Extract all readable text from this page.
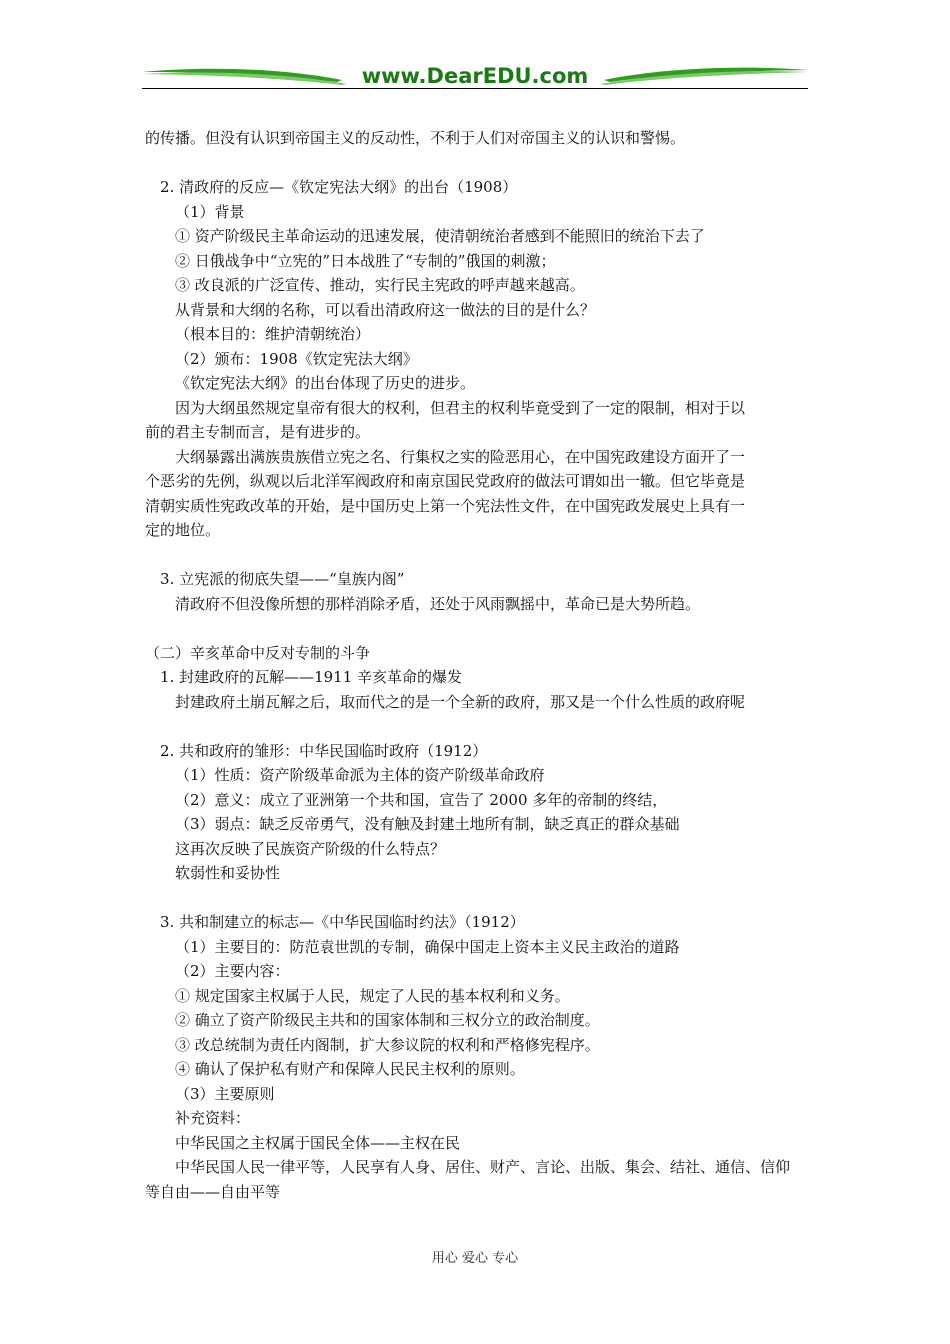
www.DearEDU.com
的传播。但没有认识到帝国主义的反动性，不利于人们对帝国主义的认识和警惕。
2. 清政府的反应—《钦定宪法大纲》的出台（1908）
（1）背景
① 资产阶级民主革命运动的迅速发展，使清朝统治者感到不能照旧的统治下去了
② 日俄战争中“立宪的”日本战胜了“专制的”俄国的刺激；
③ 改良派的广泛宣传、推动，实行民主宪政的呼声越来越高。
从背景和大纲的名称，可以看出清政府这一做法的目的是什么？
（根本目的：维护清朝统治）
（2）颁布：1908《钦定宪法大纲》
《钦定宪法大纲》的出台体现了历史的进步。
因为大纲虽然规定皇帝有很大的权利，但君主的权利毕竟受到了一定的限制，相对于以
前的君主专制而言，是有进步的。
大纲暴露出满族贵族借立宪之名、行集权之实的险恶用心，在中国宪政建设方面开了一
个恶劣的先例，纵观以后北洋军阀政府和南京国民党政府的做法可谓如出一辙。但它毕竟是
清朝实质性宪政改革的开始，是中国历史上第一个宪法性文件，在中国宪政发展史上具有一
定的地位。
3. 立宪派的彻底失望——“皇族内阁”
清政府不但没像所想的那样消除矛盾，还处于风雨飘摇中，革命已是大势所趋。
（二）辛亥革命中反对专制的斗争
1. 封建政府的瓦解——1911 辛亥革命的爆发
封建政府土崩瓦解之后，取而代之的是一个全新的政府，那又是一个什么性质的政府呢
2. 共和政府的雏形：中华民国临时政府（1912）
（1）性质：资产阶级革命派为主体的资产阶级革命政府
（2）意义：成立了亚洲第一个共和国，宣告了 2000 多年的帝制的终结，
（3）弱点：缺乏反帝勇气，没有触及封建土地所有制，缺乏真正的群众基础
这再次反映了民族资产阶级的什么特点？
软弱性和妥协性
3. 共和制建立的标志—《中华民国临时约法》（1912）
（1）主要目的：防范袁世凯的专制，确保中国走上资本主义民主政治的道路
（2）主要内容：
① 规定国家主权属于人民，规定了人民的基本权利和义务。
② 确立了资产阶级民主共和的国家体制和三权分立的政治制度。
③ 改总统制为责任内阁制，扩大参议院的权利和严格修宪程序。
④ 确认了保护私有财产和保障人民民主权利的原则。
（3）主要原则
补充资料：
中华民国之主权属于国民全体——主权在民
中华民国人民一律平等，人民享有人身、居住、财产、言论、出版、集会、结社、通信、信仰
等自由——自由平等
用心 爱心 专心
